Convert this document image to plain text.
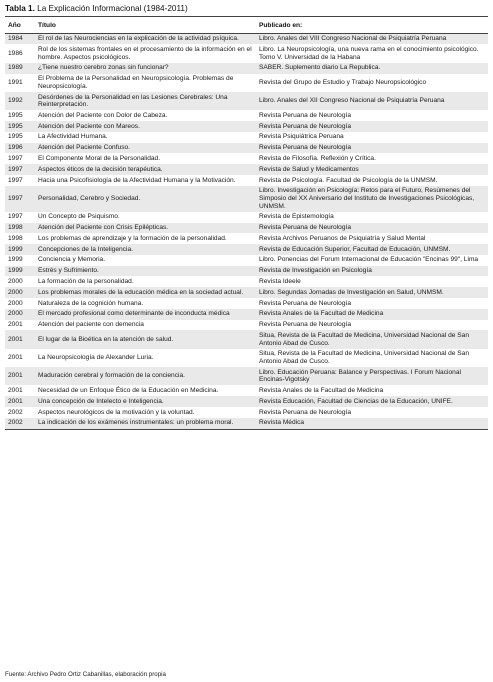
Tabla 1. La Explicación Informacional (1984-2011)
Año	Título	Publicado en:
1984	El rol de las Neurociencias en la explicación de la actividad psíquica.	Libro. Anales del VIII Congreso Nacional de Psiquiatría Peruana
1986	Rol de los sistemas frontales en el procesamiento de la información en el hombre. Aspectos psicológicos.	Libro. La Neuropsicología, una nueva rama en el conocimiento psicológico. Tomo V. Universidad de la Habana
1989	¿Tiene nuestro cerebro zonas sin funcionar?	SABER. Suplemento diario La Republica.
1991	El Problema de la Personalidad en Neuropsicología. Problemas de Neuropsicología.	Revista del Grupo de Estudio y Trabajo Neuropsicológico
1992	Desórdenes de la Personalidad en las Lesiones Cerebrales: Una Reinterpretación.	Libro. Anales del XII Congreso Nacional de Psiquiatría Peruana
1995	Atención del Paciente con Dolor de Cabeza.	Revista Peruana de Neurología
1995	Atención del Paciente con Mareos.	Revista Peruana de Neurología
1995	La Afectividad Humana.	Revista Psiquiátrica Peruana
1996	Atención del Paciente Confuso.	Revista Peruana de Neurología
1997	El Componente Moral de la Personalidad.	Revista de Filosofía. Reflexión y Crítica.
1997	Aspectos éticos de la decisión terapéutica.	Revista de Salud y Medicamentos
1997	Hacia una Psicofisiología de la Afectividad Humana y la Motivación.	Revista de Psicología. Facultad de Psicología de la UNMSM.
1997	Personalidad, Cerebro y Sociedad.	Libro. Investigación en Psicología: Retos para el Futuro, Resúmenes del Simposio del XX Aniversario del Instituto de Investigaciones Psicológicas, UNMSM.
1997	Un Concepto de Psiquismo.	Revista de Epistemología
1998	Atención del Paciente con Crisis Epilépticas.	Revista Peruana de Neurología
1998	Los problemas de aprendizaje y la formación de la personalidad.	Revista Archivos Peruanos de Psiquiatría y Salud Mental
1999	Concepciones de la Inteligencia.	Revista de Educación Superior, Facultad de Educación, UNMSM.
1999	Conciencia y Memoria.	Libro. Ponencias del Forum Internacional de Educación "Encinas 99", Lima
1999	Estrés y Sufrimiento.	Revista de Investigación en Psicología
2000	La formación de la personalidad.	Revista Ideele
2000	Los problemas morales de la educación médica en la sociedad actual.	Libro. Segundas Jornadas de Investigación en Salud, UNMSM.
2000	Naturaleza de la cognición humana.	Revista Peruana de Neurología
2000	El mercado profesional como determinante de inconducta médica	Revista Anales de la Facultad de Medicina
2001	Atención del paciente con demencia	Revista Peruana de Neurología
2001	El lugar de la Bioética en la atención de salud.	Situa, Revista de la Facultad de Medicina, Universidad Nacional de San Antonio Abad de Cusco.
2001	La Neuropsicología de Alexander Luria.	Situa, Revista de la Facultad de Medicina, Universidad Nacional de San Antonio Abad de Cusco.
2001	Maduración cerebral y formación de la conciencia.	Libro. Educación Peruana: Balance y Perspectivas. I Forum Nacional Encinas-Vigotsky
2001	Necesidad de un Enfoque Ético de la Educación en Medicina.	Revista Anales de la Facultad de Medicina
2001	Una concepción de Intelecto e Inteligencia.	Revista Educación, Facultad de Ciencias de la Educación, UNIFE.
2002	Aspectos neurológicos de la motivación y la voluntad.	Revista Peruana de Neurología
2002	La indicación de los exámenes instrumentales: un problema moral.	Revista Médica
Fuente: Archivo Pedro Ortiz Cabanillas, elaboración propia
